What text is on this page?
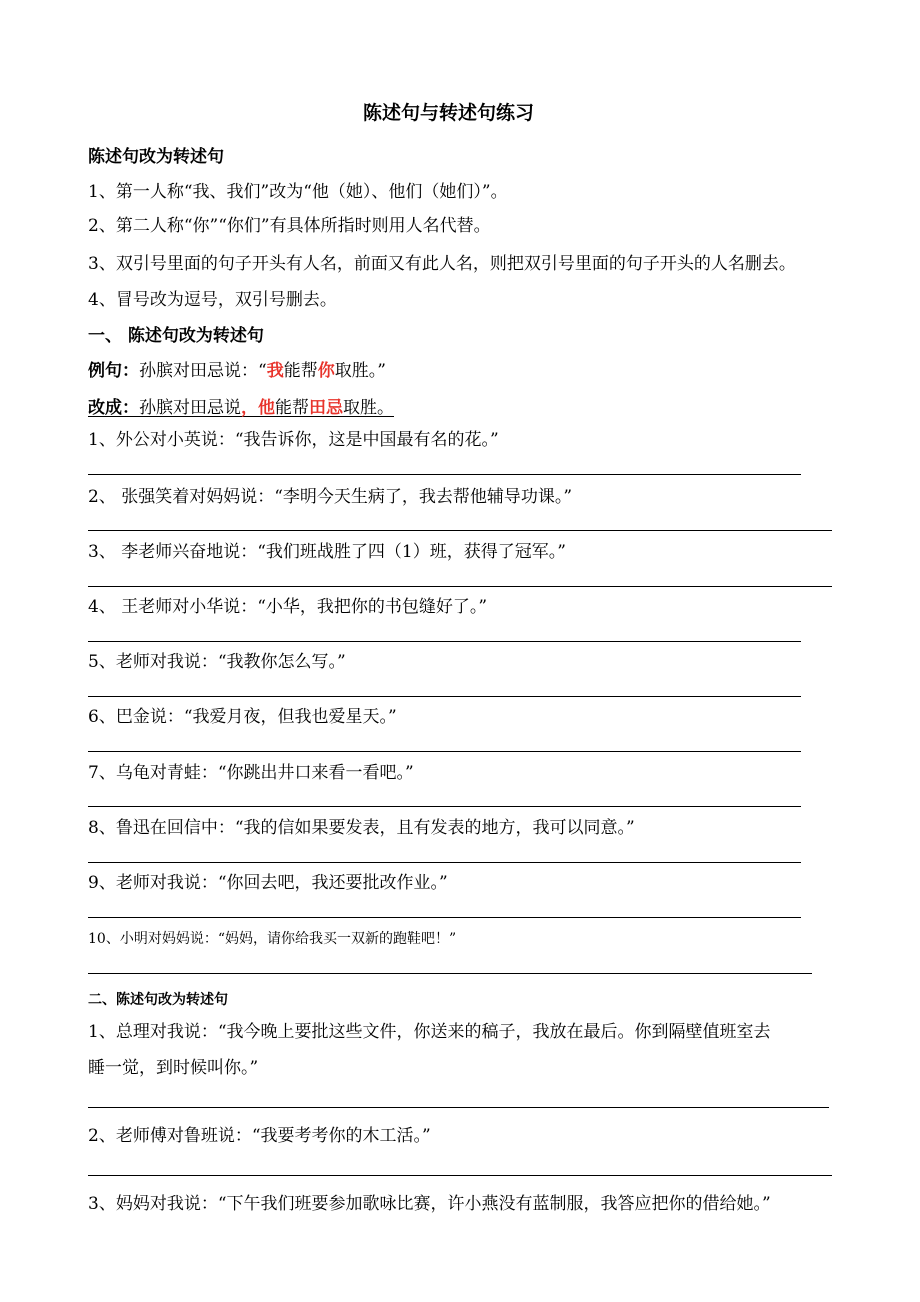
陈述句与转述句练习
陈述句改为转述句
1、第一人称“我、我们”改为“他（她）、他们（她们）”。
2、第二人称“你”“你们”有具体所指时则用人名代替。
3、双引号里面的句子开头有人名，前面又有此人名，则把双引号里面的句子开头的人名删去。
4、冒号改为逗号，双引号删去。
一、 陈述句改为转述句
例句：孙膑对田忌说：“我能帮你取胜。”
改成：孙膑对田忌说，他能帮田忌取胜。
1、外公对小英说：“我告诉你，这是中国最有名的花。”
2、 张强笑着对妈妈说：“李明今天生病了，我去帮他辅导功课。”
3、 李老师兴奋地说：“我们班战胜了四（1）班，获得了冠军。”
4、 王老师对小华说：“小华，我把你的书包缝好了。”
5、老师对我说：“我教你怎么写。”
6、巴金说：“我爱月夜，但我也爱星天。”
7、乌龟对青蛙：“你跳出井口来看一看吧。”
8、鲁迅在回信中：“我的信如果要发表，且有发表的地方，我可以同意。”
9、老师对我说：“你回去吧，我还要批改作业。”
10、小明对妈妈说：“妈妈，请你给我买一双新的跑鞋吧！”
二、陈述句改为转述句
1、总理对我说：“我今晚上要批这些文件，你送来的稿子，我放在最后。你到隔壁值班室去
睡一觉，到时候叫你。”
2、老师傅对鲁班说：“我要考考你的木工活。”
3、妈妈对我说：“下午我们班要参加歌咏比赛，许小燕没有蓝制服，我答应把你的借给她。”
